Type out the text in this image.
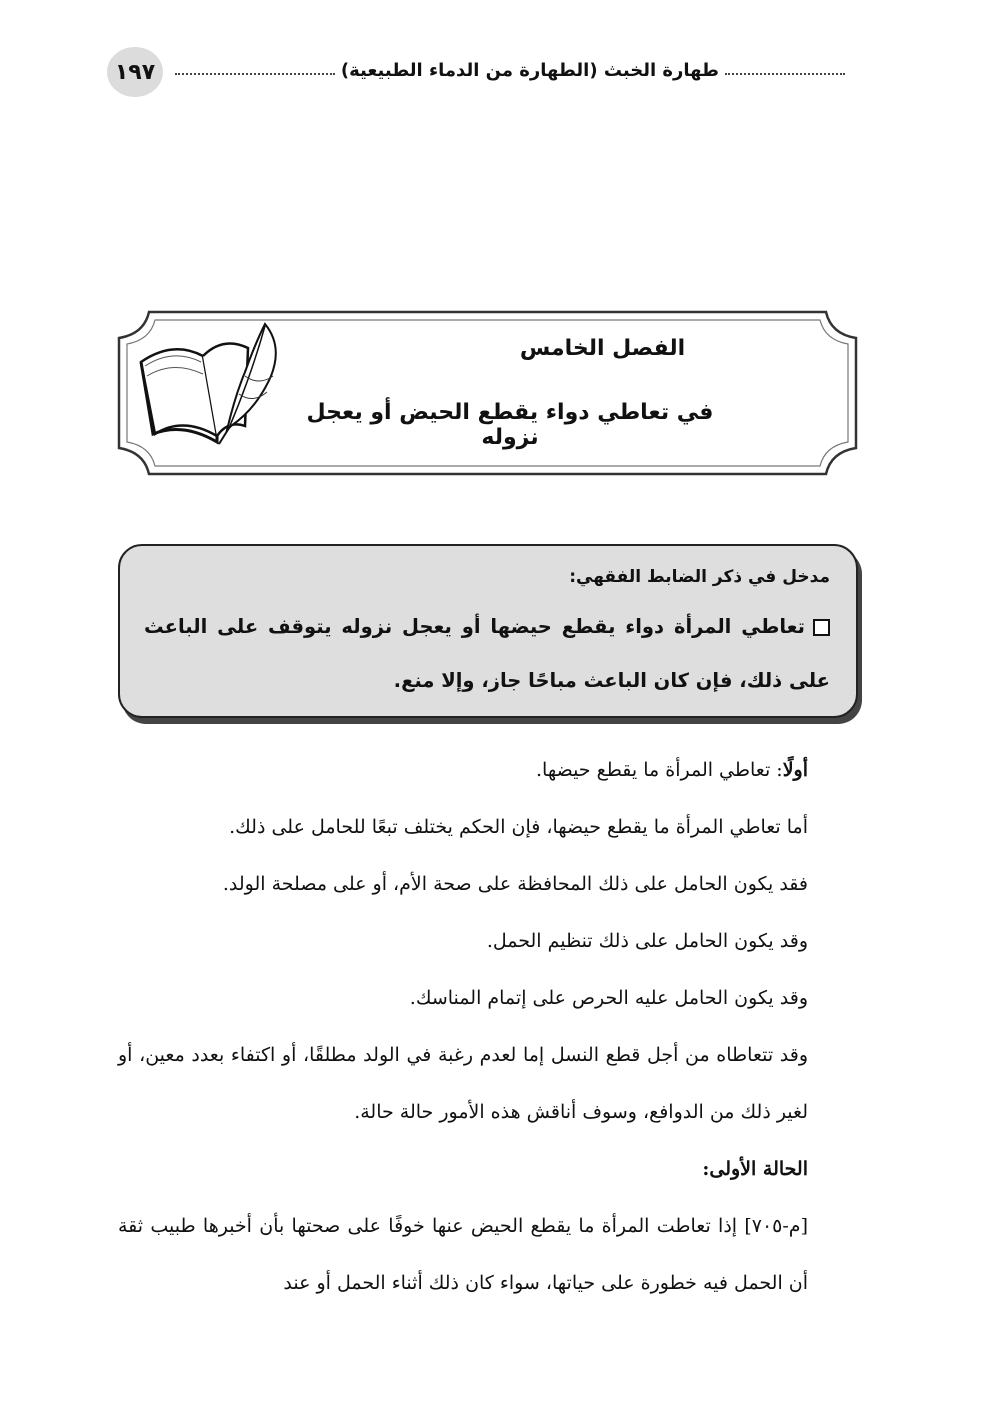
١٩٧	طهارة الخبث (الطهارة من الدماء الطبيعية)
الفصل الخامس
في تعاطي دواء يقطع الحيض أو يعجل نزوله
مدخل في ذكر الضابط الفقهي:
تعاطي المرأة دواء يقطع حيضها أو يعجل نزوله يتوقف على الباعث على ذلك، فإن كان الباعث مباحًا جاز، وإلا منع.
أولًا: تعاطي المرأة ما يقطع حيضها.
أما تعاطي المرأة ما يقطع حيضها، فإن الحكم يختلف تبعًا للحامل على ذلك.
فقد يكون الحامل على ذلك المحافظة على صحة الأم، أو على مصلحة الولد.
وقد يكون الحامل على ذلك تنظيم الحمل.
وقد يكون الحامل عليه الحرص على إتمام المناسك.
وقد تتعاطاه من أجل قطع النسل إما لعدم رغبة في الولد مطلقًا، أو اكتفاء بعدد معين، أو لغير ذلك من الدوافع، وسوف أناقش هذه الأمور حالة حالة.
الحالة الأولى:
[م-٧٠٥] إذا تعاطت المرأة ما يقطع الحيض عنها خوفًا على صحتها بأن أخبرها طبيب ثقة أن الحمل فيه خطورة على حياتها، سواء كان ذلك أثناء الحمل أو عند
